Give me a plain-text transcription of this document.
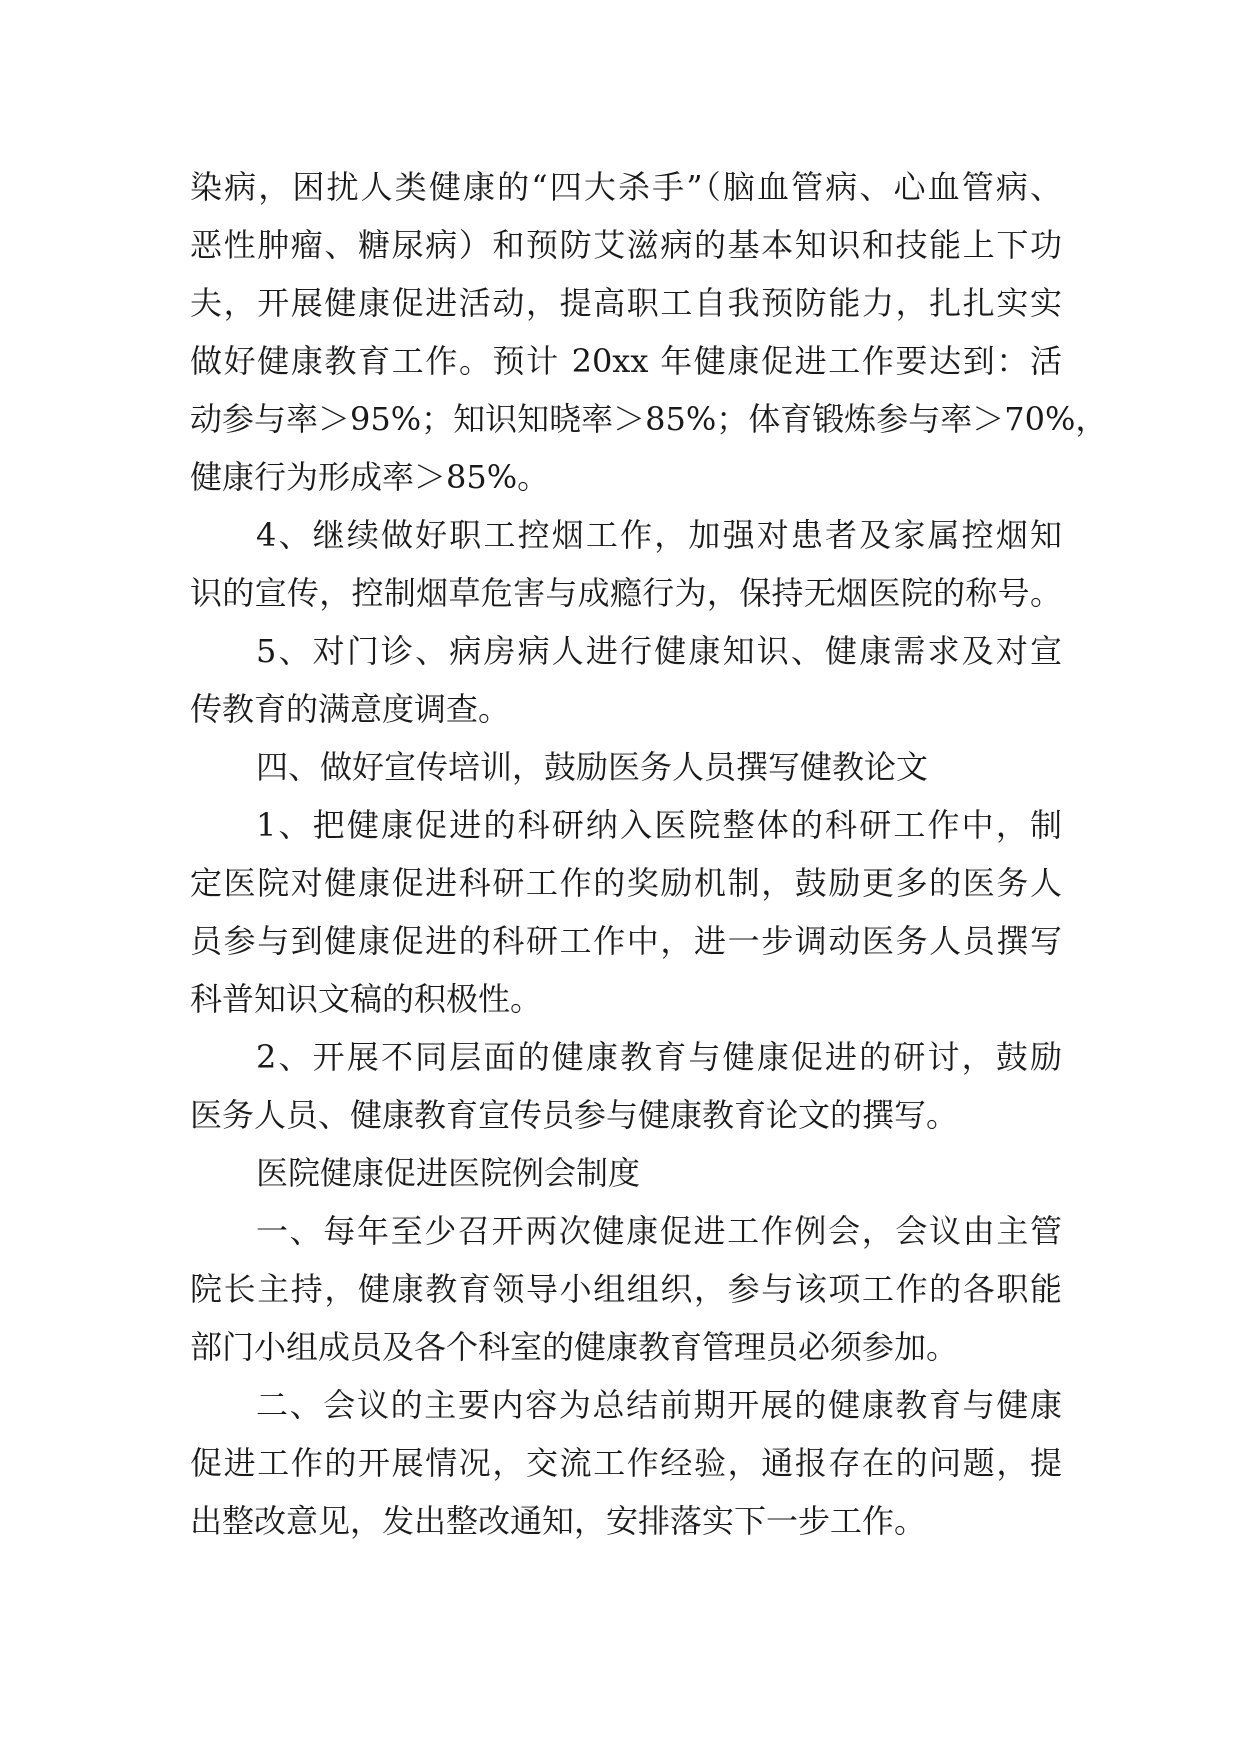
染病，困扰人类健康的“四大杀手”（脑血管病、心血管病、
恶性肿瘤、糖尿病）和预防艾滋病的基本知识和技能上下功
夫，开展健康促进活动，提高职工自我预防能力，扎扎实实
做好健康教育工作。预计 20xx 年健康促进工作要达到：活
动参与率＞95%；知识知晓率＞85%；体育锻炼参与率＞70%，
健康行为形成率＞85%。
4、继续做好职工控烟工作，加强对患者及家属控烟知
识的宣传，控制烟草危害与成瘾行为，保持无烟医院的称号。
5、对门诊、病房病人进行健康知识、健康需求及对宣
传教育的满意度调查。
四、做好宣传培训，鼓励医务人员撰写健教论文
1、把健康促进的科研纳入医院整体的科研工作中，制
定医院对健康促进科研工作的奖励机制，鼓励更多的医务人
员参与到健康促进的科研工作中，进一步调动医务人员撰写
科普知识文稿的积极性。
2、开展不同层面的健康教育与健康促进的研讨，鼓励
医务人员、健康教育宣传员参与健康教育论文的撰写。
医院健康促进医院例会制度
一、每年至少召开两次健康促进工作例会，会议由主管
院长主持，健康教育领导小组组织，参与该项工作的各职能
部门小组成员及各个科室的健康教育管理员必须参加。
二、会议的主要内容为总结前期开展的健康教育与健康
促进工作的开展情况，交流工作经验，通报存在的问题，提
出整改意见，发出整改通知，安排落实下一步工作。
